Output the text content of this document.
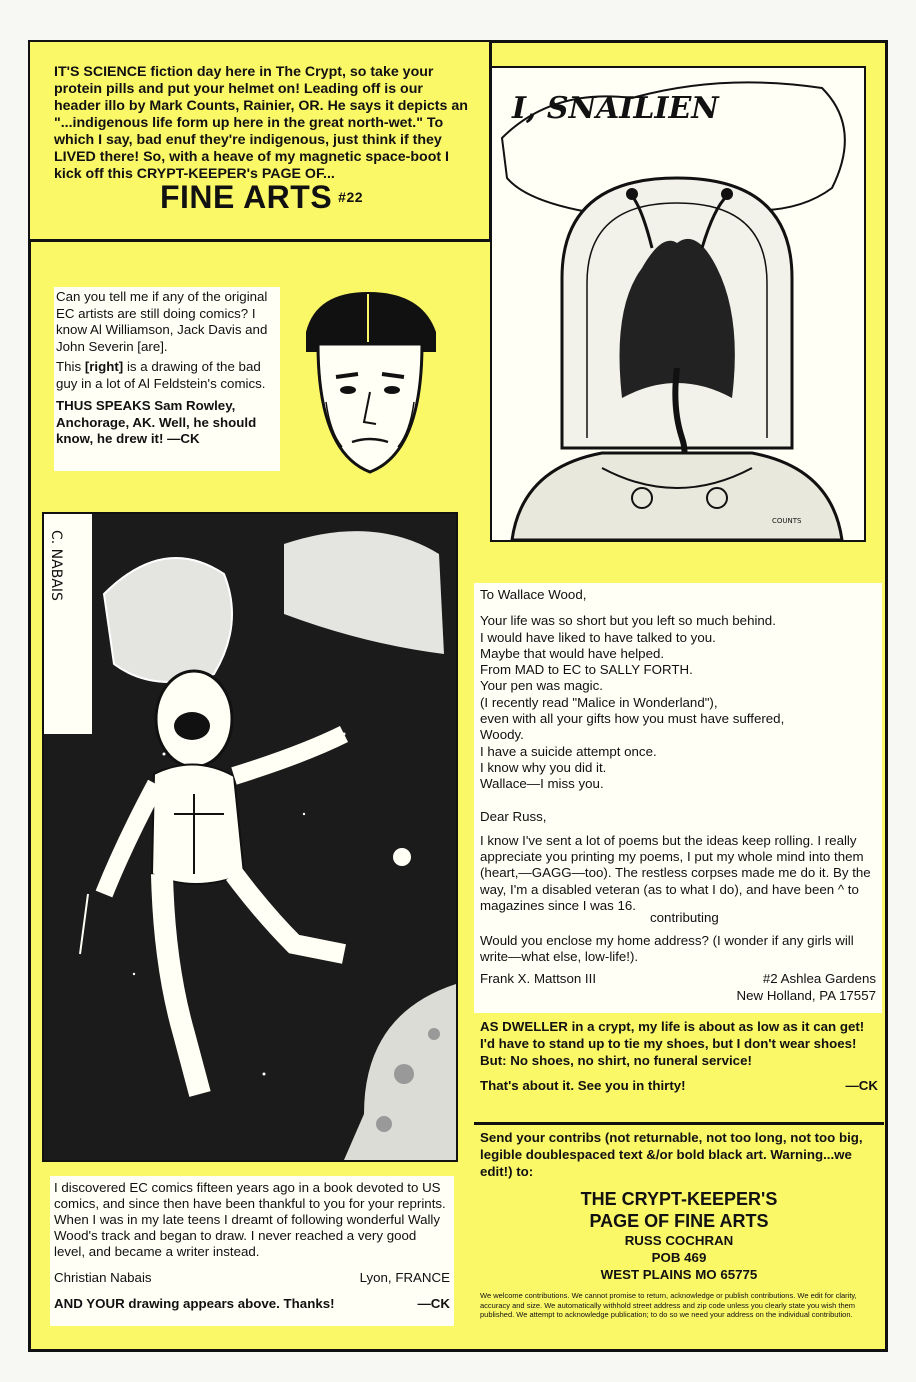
IT'S SCIENCE fiction day here in The Crypt, so take your protein pills and put your helmet on! Leading off is our header illo by Mark Counts, Rainier, OR. He says it depicts an "...indigenous life form up here in the great north-wet." To which I say, bad enuf they're indigenous, just think if they LIVED there! So, with a heave of my magnetic space-boot I kick off this CRYPT-KEEPER's PAGE OF...
FINE ARTS #22
I, SNAILIEN
COUNTS
Can you tell me if any of the original EC artists are still doing comics? I know Al Williamson, Jack Davis and John Severin [are].
This [right] is a drawing of the bad guy in a lot of Al Feldstein's comics.
THUS SPEAKS Sam Rowley, Anchorage, AK. Well, he should know, he drew it! —CK
C. NABAIS
I discovered EC comics fifteen years ago in a book devoted to US comics, and since then have been thankful to you for your reprints. When I was in my late teens I dreamt of following wonderful Wally Wood's track and began to draw. I never reached a very good level, and became a writer instead.
Christian Nabais	Lyon, FRANCE
AND YOUR drawing appears above. Thanks!	—CK

To Wallace Wood,

Your life was so short but you left so much behind.

I would have liked to have talked to you.

Maybe that would have helped.

From MAD to EC to SALLY FORTH.

Your pen was magic.

(I recently read "Malice in Wonderland"),

even with all your gifts how you must have suffered,

Woody.

I have a suicide attempt once.

I know why you did it.

Wallace—I miss you.

Dear Russ,

I know I've sent a lot of poems but the ideas keep rolling. I really appreciate you printing my poems, I put my whole mind into them (heart,—GAGG—too). The restless corpses made me do it. By the way, I'm a disabled veteran (as to what I do), and have been ^ to magazines since I was 16.

contributing

Would you enclose my home address? (I wonder if any girls will write—what else, low-life!).

Frank X. Mattson III	#2 Ashlea Gardens
New Holland, PA 17557
AS DWELLER in a crypt, my life is about as low as it can get! I'd have to stand up to tie my shoes, but I don't wear shoes! But: No shoes, no shirt, no funeral service!
That's about it. See you in thirty!	—CK
Send your contribs (not returnable, not too long, not too big, legible doublespaced text &/or bold black art. Warning...we edit!) to:
THE CRYPT-KEEPER'S
PAGE OF FINE ARTS
RUSS COCHRAN
POB 469
WEST PLAINS MO 65775
We welcome contributions. We cannot promise to return, acknowledge or publish contributions. We edit for clarity, accuracy and size. We automatically withhold street address and zip code unless you clearly state you wish them published. We attempt to acknowledge publication; to do so we need your address on the individual contribution.
